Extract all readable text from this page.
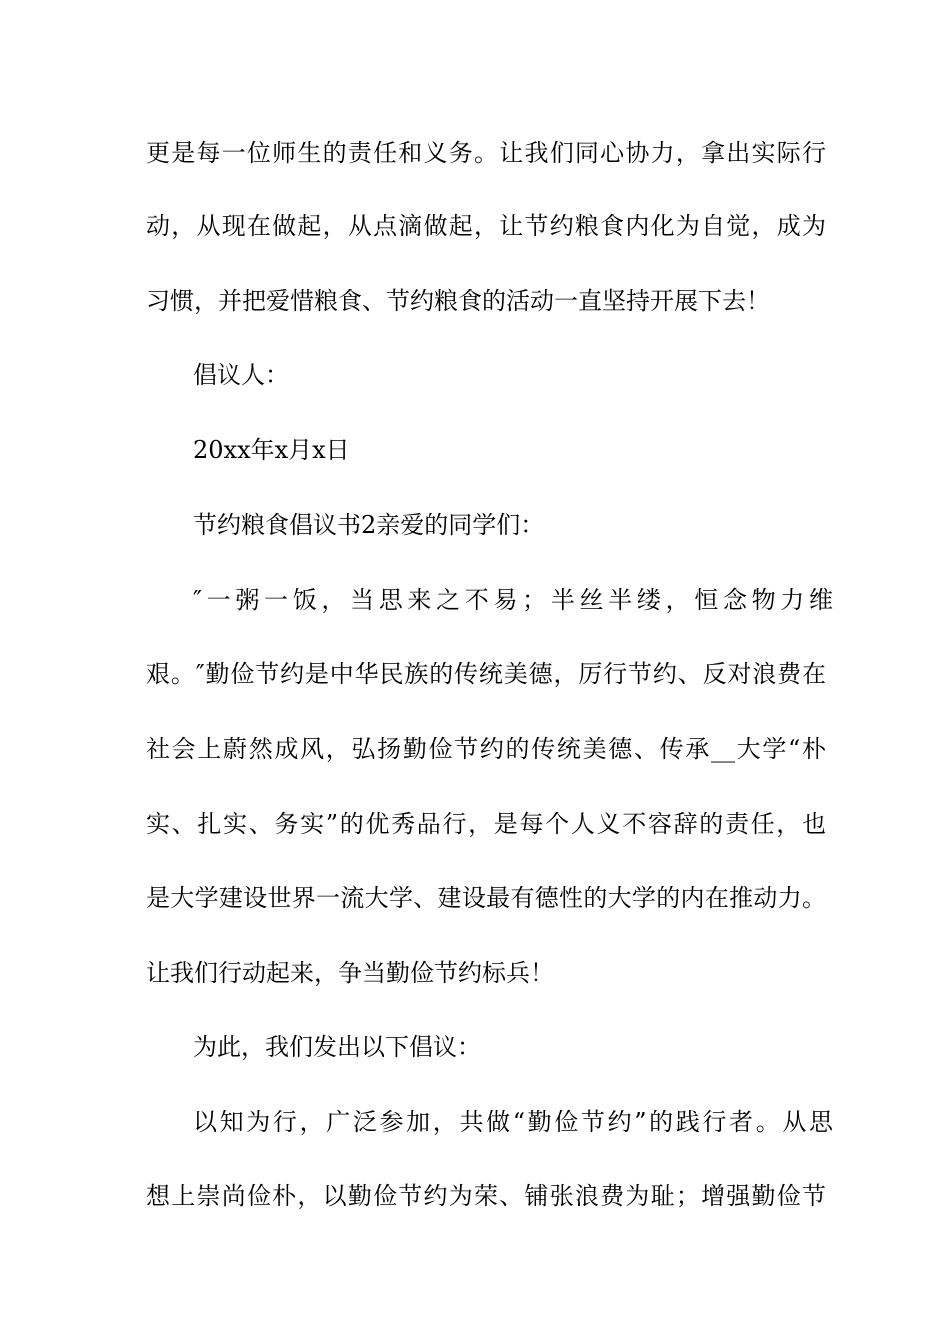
更是每一位师生的责任和义务。让我们同心协力，拿出实际行
动，从现在做起，从点滴做起，让节约粮食内化为自觉，成为
习惯，并把爱惜粮食、节约粮食的活动一直坚持开展下去！
倡议人：
20xx年x月x日
节约粮食倡议书2亲爱的同学们：
″一粥一饭，当思来之不易；半丝半缕，恒念物力维
艰。″勤俭节约是中华民族的传统美德，厉行节约、反对浪费在
社会上蔚然成风，弘扬勤俭节约的传统美德、传承__大学“朴
实、扎实、务实”的优秀品行，是每个人义不容辞的责任，也
是大学建设世界一流大学、建设最有德性的大学的内在推动力。
让我们行动起来，争当勤俭节约标兵！
为此，我们发出以下倡议：
以知为行，广泛参加，共做“勤俭节约”的践行者。从思
想上崇尚俭朴，以勤俭节约为荣、铺张浪费为耻；增强勤俭节
